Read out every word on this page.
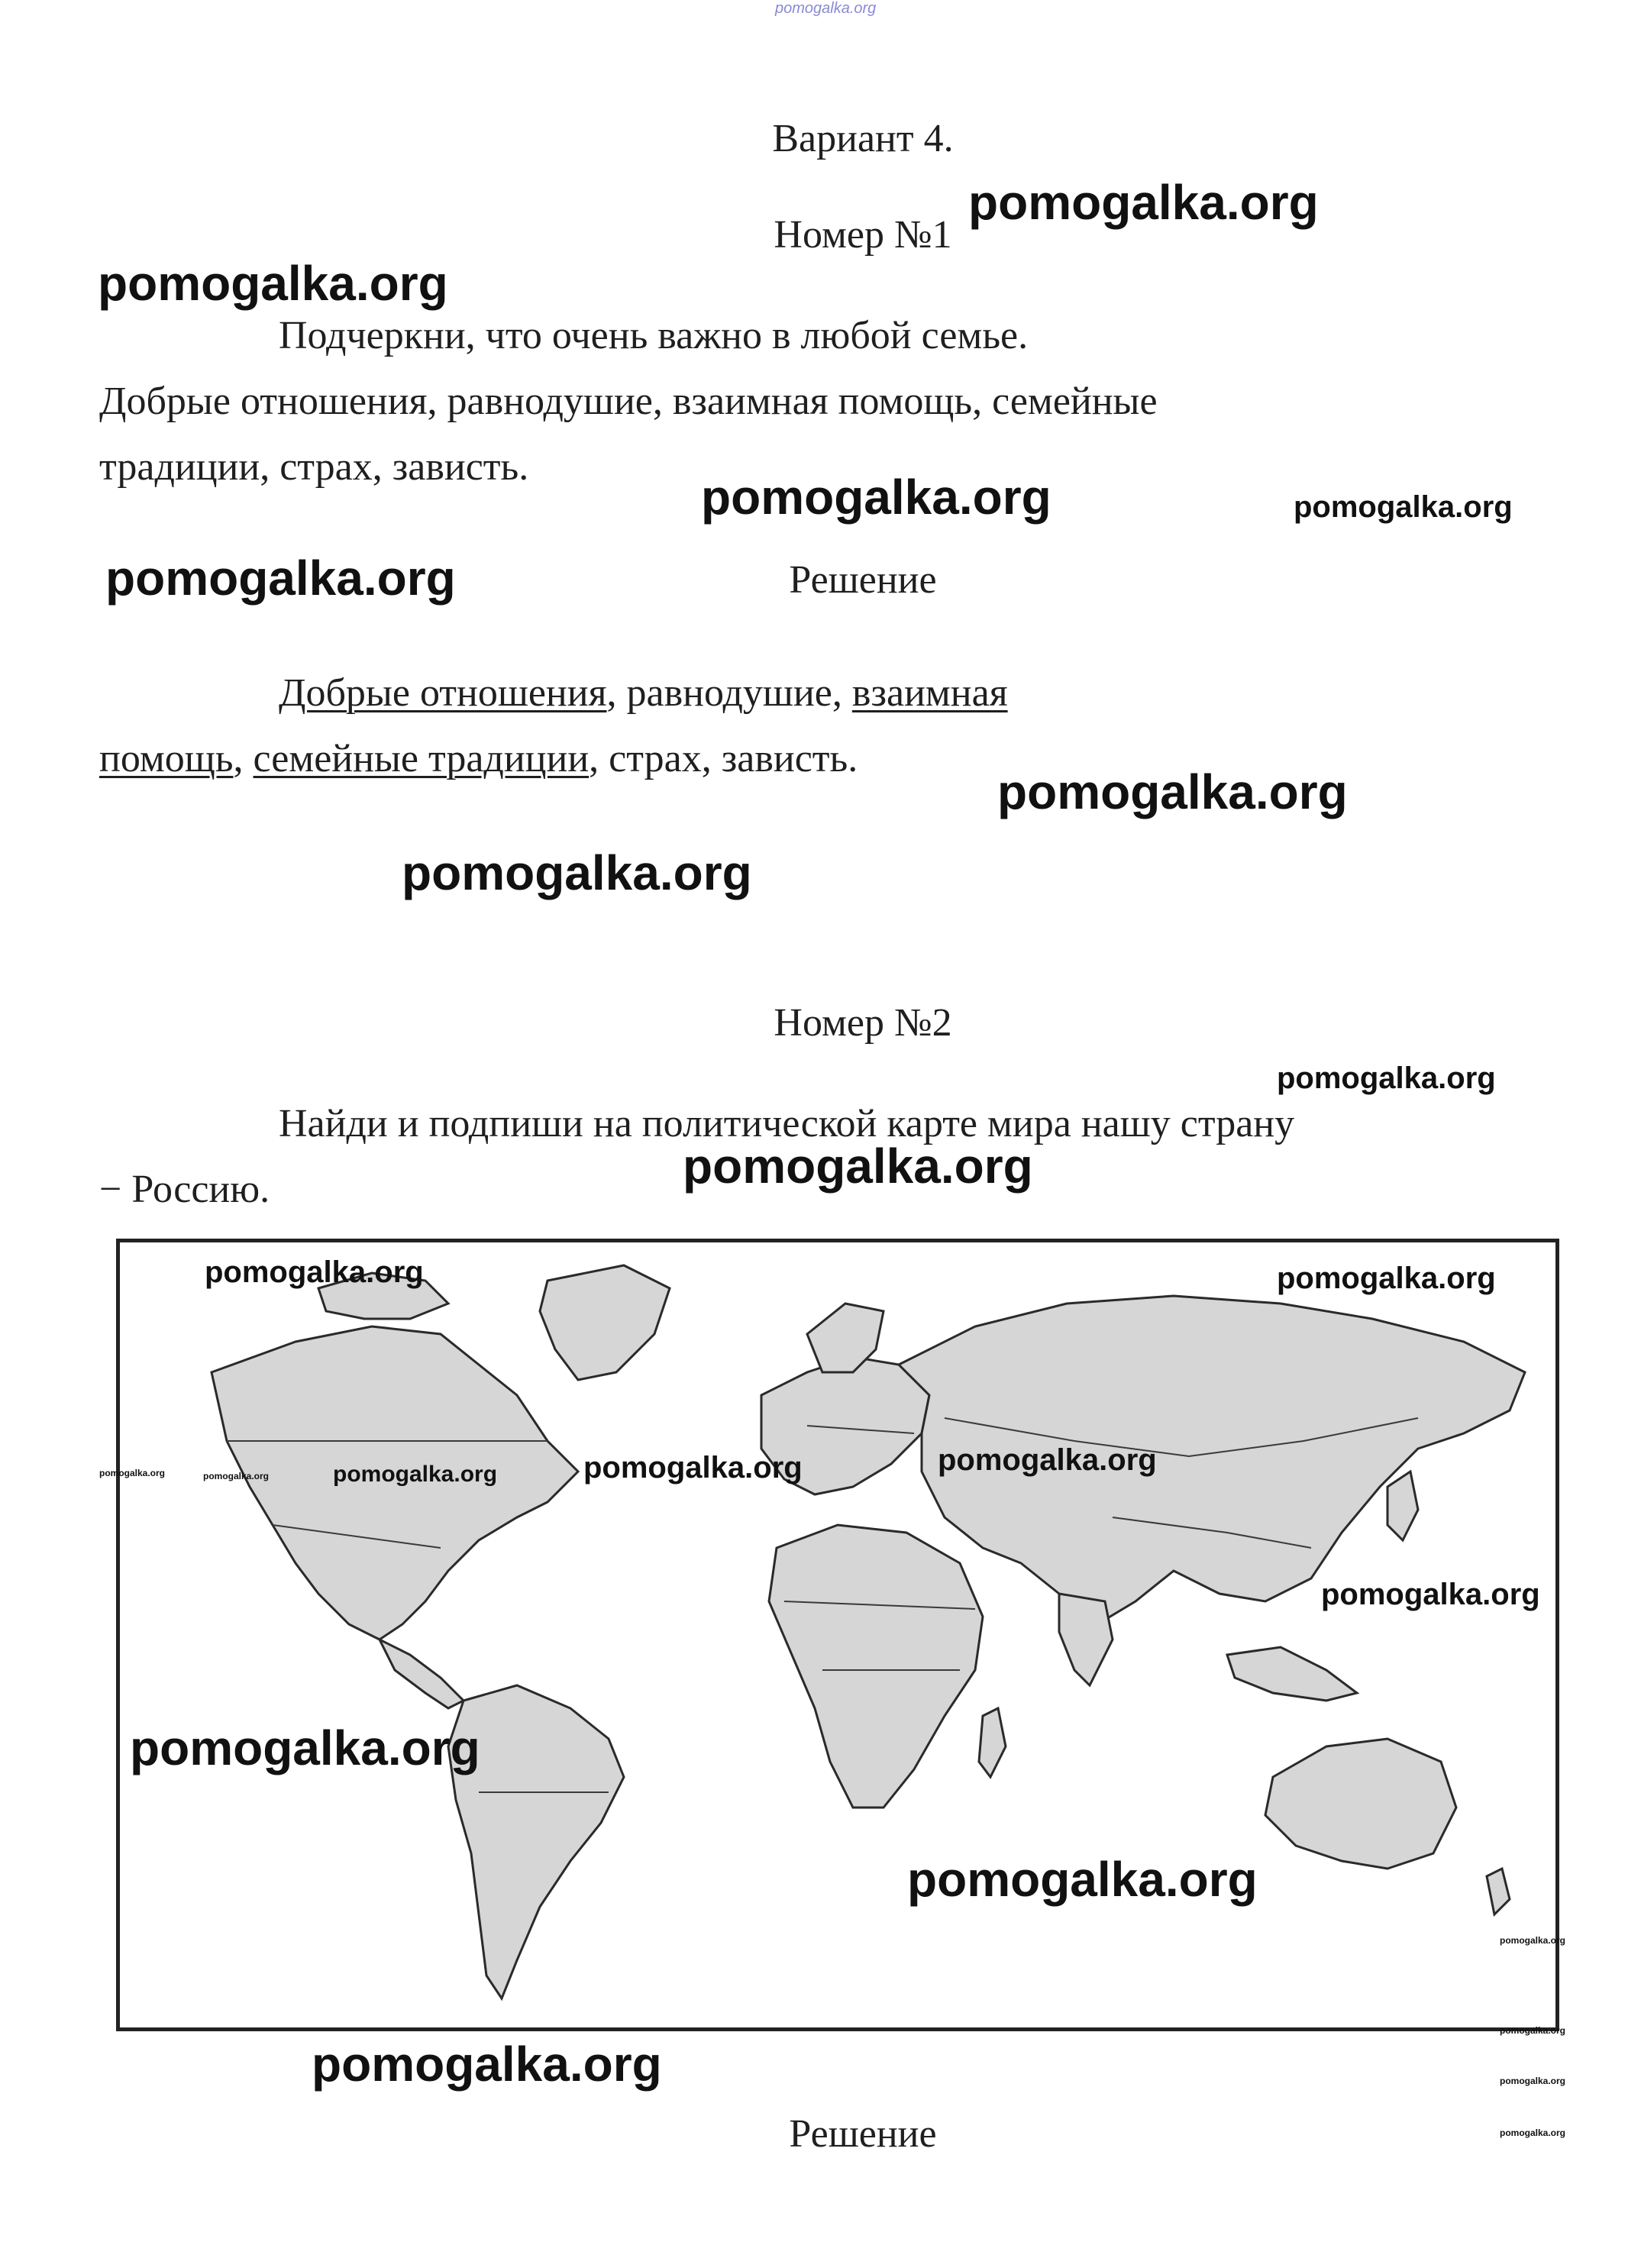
pomogalka.org
Вариант 4.
Номер №1
Подчеркни, что очень важно в любой семье.
Добрые отношения, равнодушие, взаимная помощь, семейные
традиции, страх, зависть.
Решение
Добрые отношения, равнодушие, взаимная
помощь, семейные традиции, страх, зависть.
Номер №2
Найди и подпиши на политической карте мира нашу страну
− Россию.
Решение
pomogalka.org
pomogalka.org
pomogalka.org	pomogalka.org
pomogalka.org
pomogalka.org
pomogalka.org
pomogalka.org
pomogalka.org
pomogalka.org	pomogalka.org
pomogalka.org	pomogalka.org	pomogalka.org	pomogalka.org	pomogalka.org
pomogalka.org
pomogalka.org
pomogalka.org
pomogalka.org
pomogalka.org
pomogalka.org	pomogalka.org
pomogalka.org
